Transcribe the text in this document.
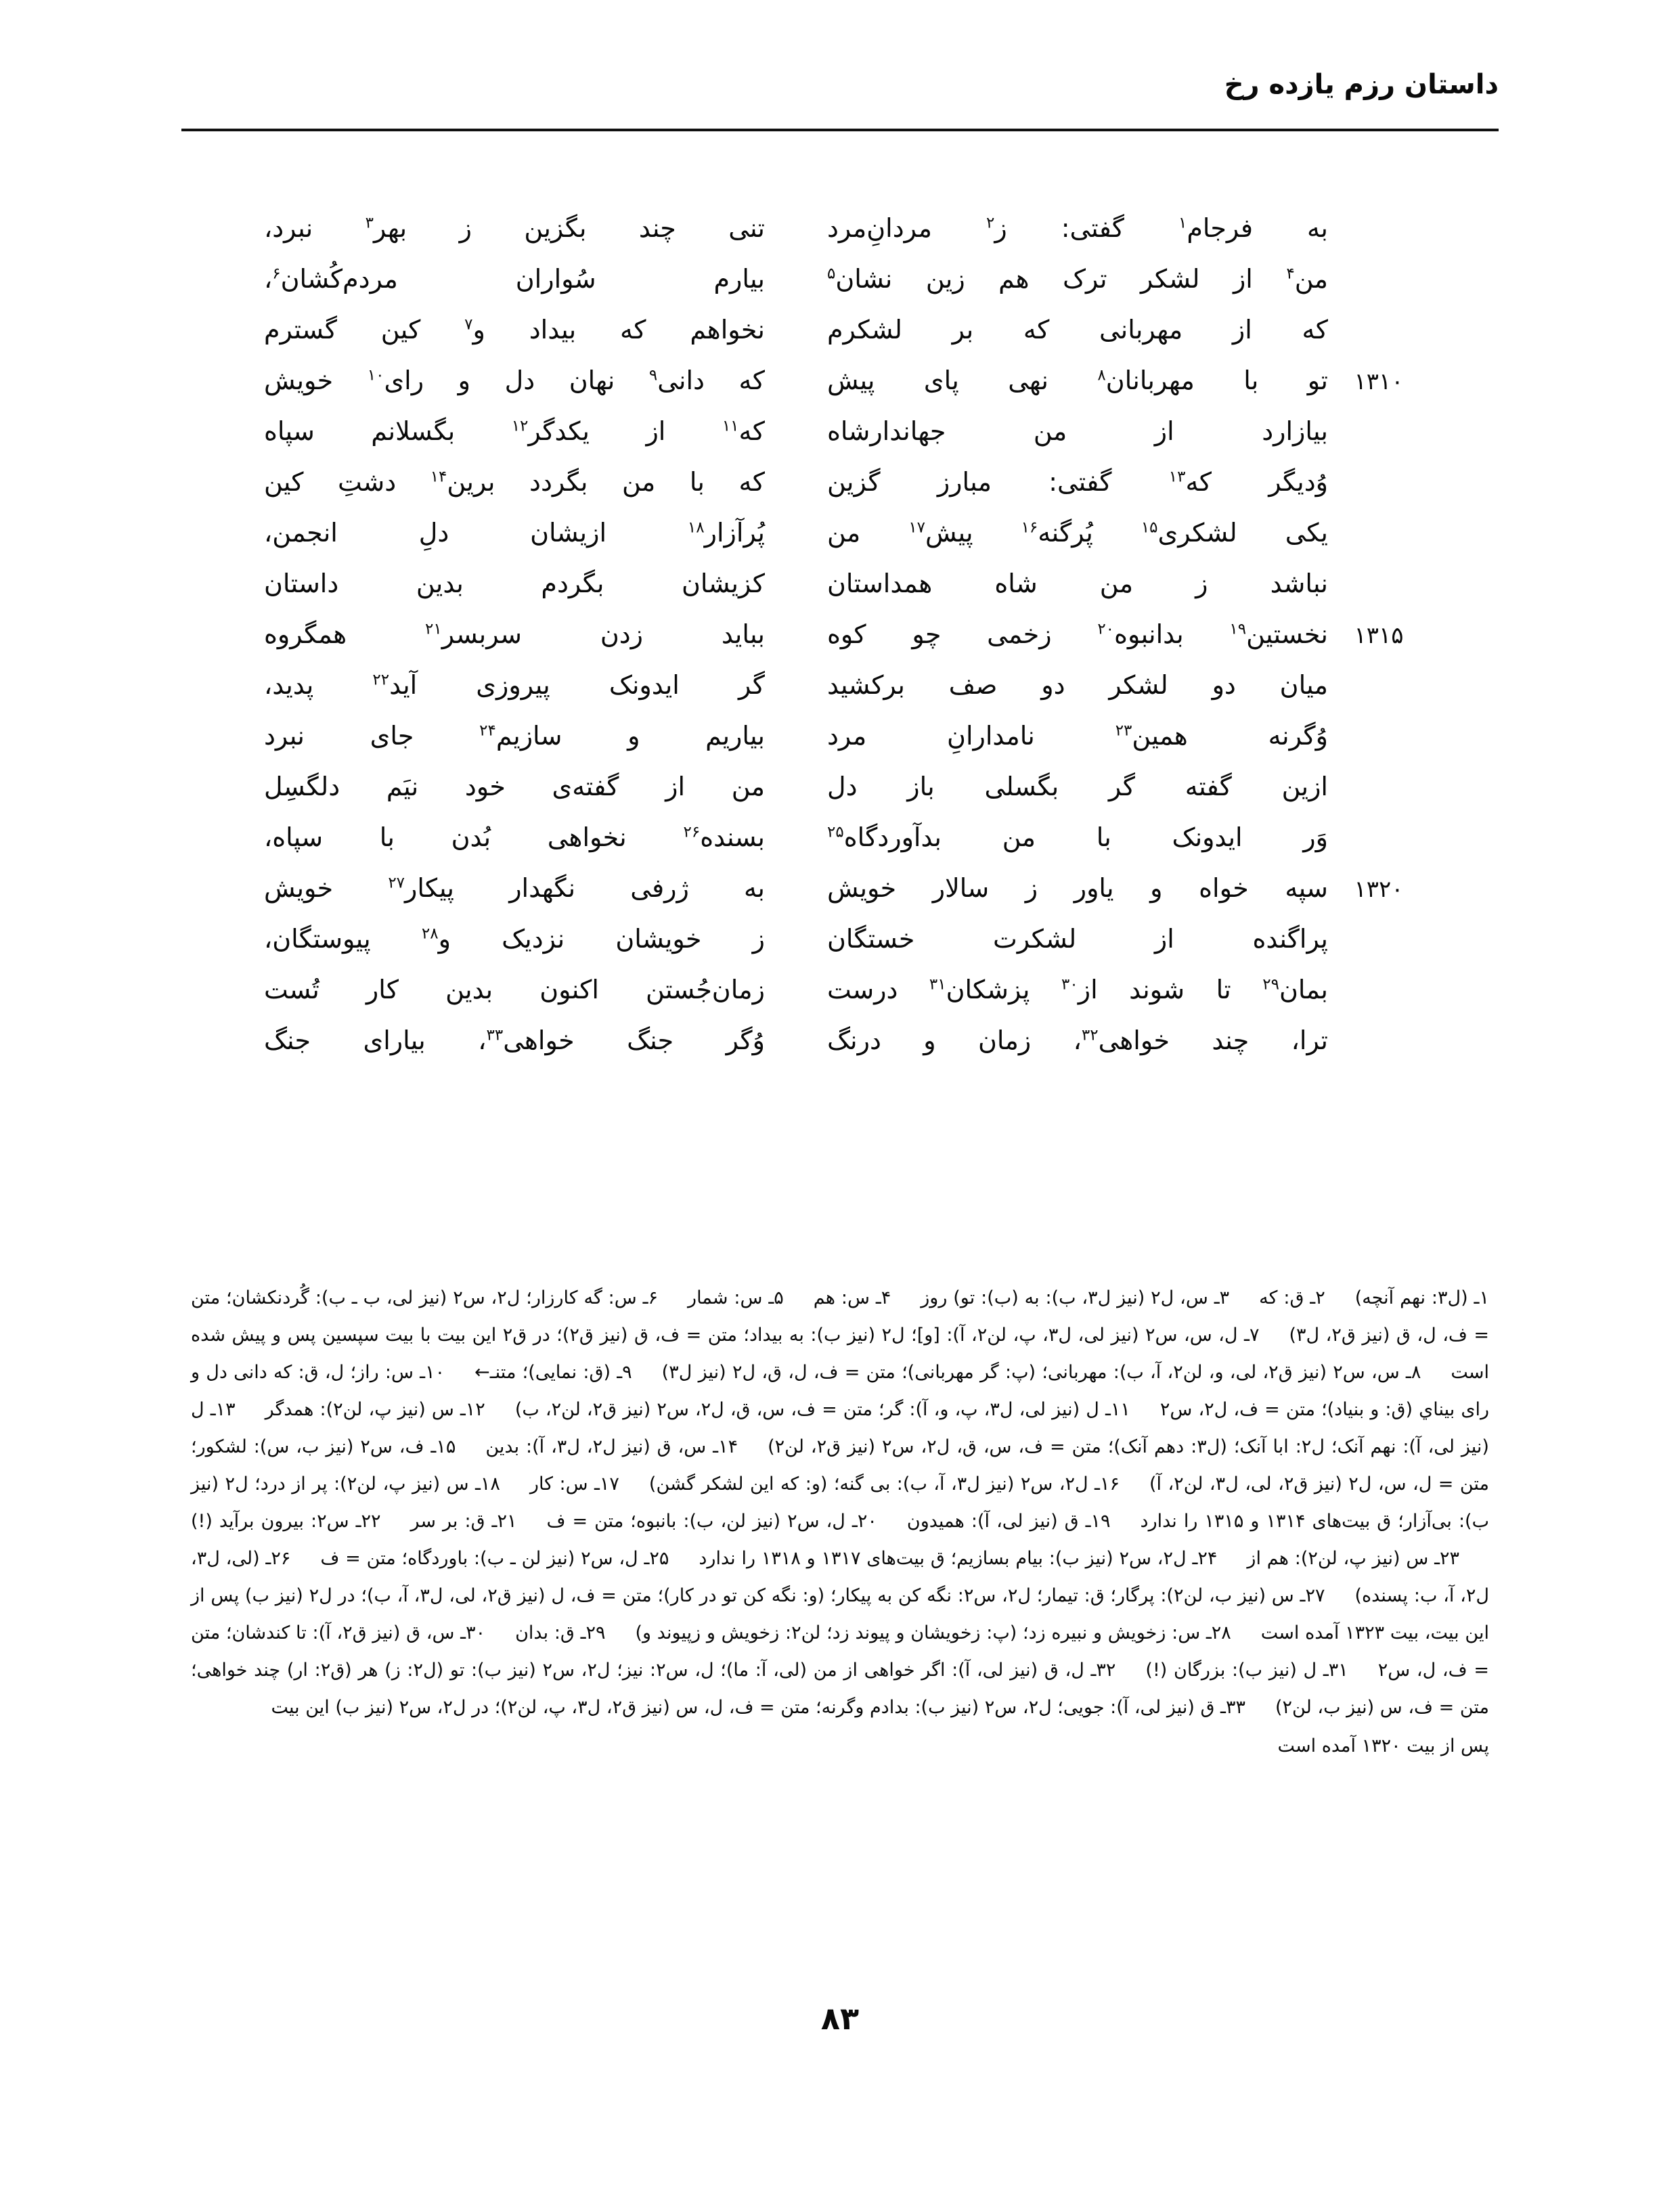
داستان رزم یازده رخ
به فرجام$^۱$ گفتی: ز$^۲$ مردانِ‌مرد
تنی چند بگزین ز بهر$^۳$ نبرد،
من$^۴$ از لشکر ترک هم زین نشان$^۵$
بیارم سُواران مردم‌کُشان$^۶$،
که از مهربانی که بر لشکرم
نخواهم که بیداد و$^۷$ کین گسترم
۱۳۱۰
تو با مهربانان$^۸$ نهی پای پیش
که دانی$^۹$ نهان دل و رای$^{۱۰}$ خویش
بیازارد از من جهاندارشاه
که$^{۱۱}$ از یکدگر$^{۱۲}$ بگسلانم سپاه
وُدیگر که$^{۱۳}$ گفتی: مبارز گزین
که با من بگردد برین$^{۱۴}$ دشتِ کین
یکی لشکری$^{۱۵}$ پُرگنه$^{۱۶}$ پیش$^{۱۷}$ من
پُرآزار$^{۱۸}$ ازیشان دلِ انجمن،
نباشد ز من شاه همداستان
کزیشان بگردم بدین داستان
۱۳۱۵
نخستین$^{۱۹}$ بدانبوه$^{۲۰}$ زخمی چو کوه
بباید زدن سربسر$^{۲۱}$ همگروه
میان دو لشکر دو صف برکشید
گر ایدونک پیروزی آید$^{۲۲}$ پدید،
وُگرنه همین$^{۲۳}$ نامدارانِ مرد
بیاریم و سازیم$^{۲۴}$ جای نبرد
ازین گفته گر بگسلی باز دل
من از گفته‌ی خود نیَم دلگسِل
وَر ایدونک با من بدآوردگاه$^{۲۵}$
بسنده$^{۲۶}$ نخواهی بُدن با سپاه،
۱۳۲۰
سپه خواه و یاور ز سالار خویش
به ژرفی نگهدار پیکار$^{۲۷}$ خویش
پراگنده از لشکرت خستگان
ز خویشان نزدیک و$^{۲۸}$ پیوستگان،
بمان$^{۲۹}$ تا شوند از$^{۳۰}$ پزشکان$^{۳۱}$ درست
زمان‌جُستن اکنون بدین کار تُست
ترا، چند خواهی$^{۳۲}$، زمان و درنگ
وُگر جنگ خواهی$^{۳۳}$، بیارای جنگ
۱ـ (ل۳: نهم آنچه) ۲ـ ق: که ۳ـ س، ل۲ (نیز ل۳، ب): به (ب): تو) روز ۴ـ س: هم ۵ـ س: شمار ۶ـ س: گه کارزار؛ ل۲، س۲ (نیز لی، ب ـ ب): گُردنکشان؛ متن = ف، ل، ق (نیز ق۲، ل۳) ۷ـ ل، س، س۲ (نیز لی، ل۳، پ، لن۲، آ): [و]؛ ل۲ (نیز ب): به بیداد؛ متن = ف، ق (نیز ق۲)؛ در ق۲ این بیت با بیت سپسین پس و پیش شده است ۸ـ س، س۲ (نیز ق۲، لی، و، لن۲، آ، ب): مهربانی؛ (پ: گر مهربانی)؛ متن = ف، ل، ق، ل۲ (نیز ل۳) ۹ـ (ق: نمایی)؛ متنـ← ۱۰ـ س: راز؛ ل، ق: که دانی دل و رای بیناي (ق: و بنیاد)؛ متن = ف، ل۲، س۲ ۱۱ـ ل (نیز لی، ل۳، پ، و، آ): گر؛ متن = ف، س، ق، ل۲، س۲ (نیز ق۲، لن۲، ب) ۱۲ـ س (نیز پ، لن۲): همدگر ۱۳ـ ل (نیز لی، آ): نهم آنک؛ ل۲: ابا آنک؛ (ل۳: دهم آنک)؛ متن = ف، س، ق، ل۲، س۲ (نیز ق۲، لن۲) ۱۴ـ س، ق (نیز ل۲، ل۳، آ): بدین ۱۵ـ ف، س۲ (نیز ب، س): لشکور؛ متن = ل، س، ل۲ (نیز ق۲، لی، ل۳، لن۲، آ) ۱۶ـ ل۲، س۲ (نیز ل۳، آ، ب): بی گنه؛ (و: که این لشکر گشن) ۱۷ـ س: کار ۱۸ـ س (نیز پ، لن۲): پر از درد؛ ل۲ (نیز ب): بی‌آزار؛ ق بیت‌های ۱۳۱۴ و ۱۳۱۵ را ندارد ۱۹ـ ق (نیز لی، آ): همیدون ۲۰ـ ل، س۲ (نیز لن، ب): بانبوه؛ متن = ف ۲۱ـ ق: بر سر ۲۲ـ س۲: بیرون برآید (!) ۲۳ـ س (نیز پ، لن۲): هم از ۲۴ـ ل۲، س۲ (نیز ب): بیام بسازیم؛ ق بیت‌های ۱۳۱۷ و ۱۳۱۸ را ندارد ۲۵ـ ل، س۲ (نیز لن ـ ب): باوردگاه؛ متن = ف ۲۶ـ (لی، ل۳، ل۲، آ، ب: پسنده) ۲۷ـ س (نیز ب، لن۲): پرگار؛ ق: تیمار؛ ل۲، س۲: نگه کن به پیکار؛ (و: نگه کن تو در کار)؛ متن = ف، ل (نیز ق۲، لی، ل۳، آ، ب)؛ در ل۲ (نیز ب) پس از این بیت، بیت ۱۳۲۳ آمده است ۲۸ـ س: زخویش و نبیره زد؛ (پ: زخویشان و پیوند زد؛ لن۲: زخویش و زپیوند و) ۲۹ـ ق: بدان ۳۰ـ س، ق (نیز ق۲، آ): تا کندشان؛ متن = ف، ل، س۲ ۳۱ـ ل (نیز ب): بزرگان (!) ۳۲ـ ل، ق (نیز لی، آ): اگر خواهی از من (لی، آ: ما)؛ ل، س۲: نیز؛ ل۲، س۲ (نیز ب): تو (ل۲: ز) هر (ق۲: ار) چند خواهی؛ متن = ف، س (نیز ب، لن۲) ۳۳ـ ق (نیز لی، آ): جویی؛ ل۲، س۲ (نیز ب): بدادم وگرنه؛ متن = ف، ل، س (نیز ق۲، ل۳، پ، لن۲)؛ در ل۲، س۲ (نیز ب) این بیت
پس از بیت ۱۳۲۰ آمده است
۸۳
